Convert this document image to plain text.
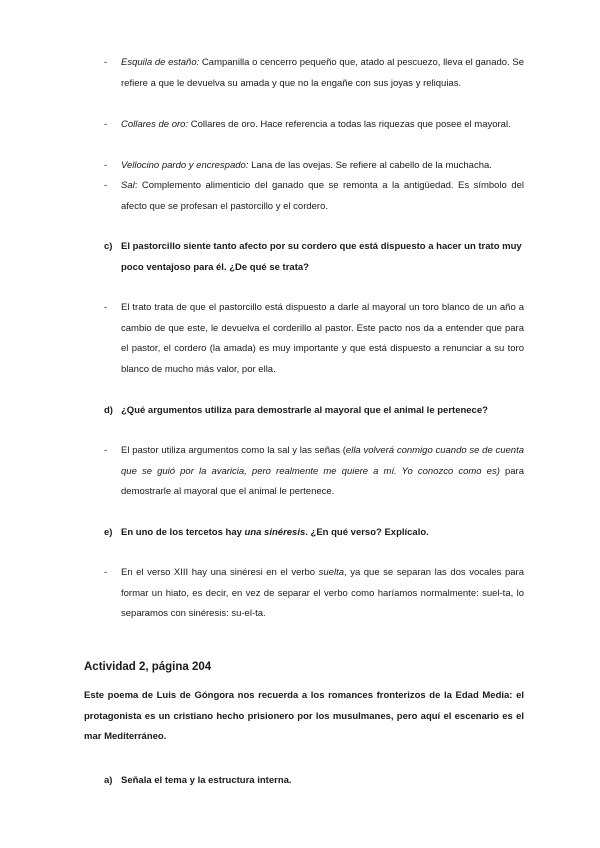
-	Esquila de estaño: Campanilla o cencerro pequeño que, atado al pescuezo, lleva el ganado. Se refiere a que le devuelva su amada y que no la engañe con sus joyas y reliquias.
-	Collares de oro: Collares de oro. Hace referencia a todas las riquezas que posee el mayoral.
-	Vellocino pardo y encrespado: Lana de las ovejas. Se refiere al cabello de la muchacha.
-	Sal: Complemento alimenticio del ganado que se remonta a la antigüedad. Es símbolo del afecto que se profesan el pastorcillo y el cordero.
c) El pastorcillo siente tanto afecto por su cordero que está dispuesto a hacer un trato muy poco ventajoso para él. ¿De qué se trata?
-	El trato trata de que el pastorcillo está dispuesto a darle al mayoral un toro blanco de un año a cambio de que este, le devuelva el corderillo al pastor. Este pacto nos da a entender que para el pastor, el cordero (la amada) es muy importante y que está dispuesto a renunciar a su toro blanco de mucho más valor, por ella.
d) ¿Qué argumentos utiliza para demostrarle al mayoral que el animal le pertenece?
-	El pastor utiliza argumentos como la sal y las señas (ella volverá conmigo cuando se de cuenta que se guió por la avaricia, pero realmente me quiere a mí. Yo conozco como es) para demostrarle al mayoral que el animal le pertenece.
e) En uno de los tercetos hay una sinéresis. ¿En qué verso? Explícalo.
-	En el verso XIII hay una sinéresi en el verbo suelta, ya que se separan las dos vocales para formar un hiato, es decir, en vez de separar el verbo como haríamos normalmente: suel-ta, lo separamos con sinéresis: su-el-ta.
Actividad 2, página 204
Este poema de Luis de Góngora nos recuerda a los romances fronterizos de la Edad Media: el protagonista es un cristiano hecho prisionero por los musulmanes, pero aquí el escenario es el mar Mediterráneo.
a) Señala el tema y la estructura interna.
